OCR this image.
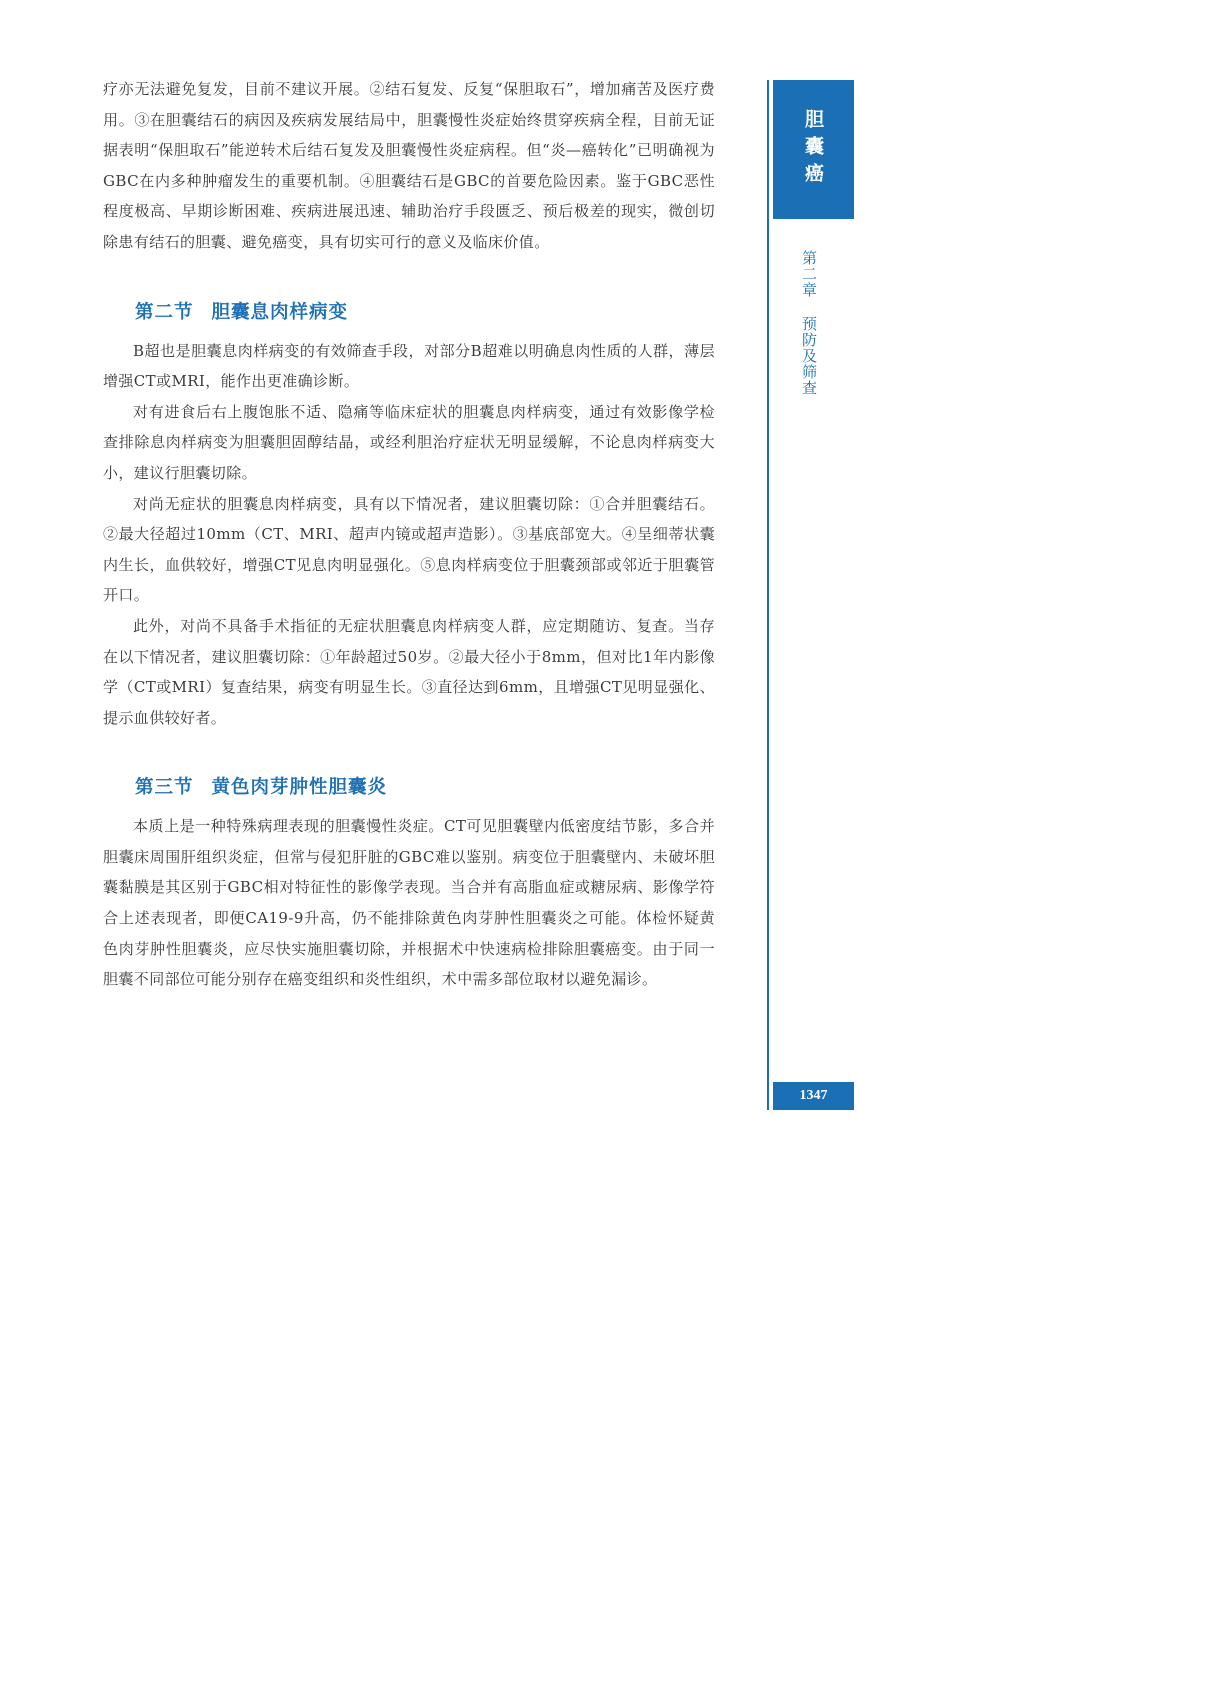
疗亦无法避免复发，目前不建议开展。②结石复发、反复“保胆取石”，增加痛苦及医疗费用。③在胆囊结石的病因及疾病发展结局中，胆囊慢性炎症始终贯穿疾病全程，目前无证据表明“保胆取石”能逆转术后结石复发及胆囊慢性炎症病程。但“炎—癌转化”已明确视为GBC在内多种肿瘤发生的重要机制。④胆囊结石是GBC的首要危险因素。鉴于GBC恶性程度极高、早期诊断困难、疾病进展迅速、辅助治疗手段匮乏、预后极差的现实，微创切除患有结石的胆囊、避免癌变，具有切实可行的意义及临床价值。

第二节 胆囊息肉样病变

B超也是胆囊息肉样病变的有效筛查手段，对部分B超难以明确息肉性质的人群，薄层增强CT或MRI，能作出更准确诊断。

对有进食后右上腹饱胀不适、隐痛等临床症状的胆囊息肉样病变，通过有效影像学检查排除息肉样病变为胆囊胆固醇结晶，或经利胆治疗症状无明显缓解，不论息肉样病变大小，建议行胆囊切除。

对尚无症状的胆囊息肉样病变，具有以下情况者，建议胆囊切除：①合并胆囊结石。②最大径超过10mm（CT、MRI、超声内镜或超声造影）。③基底部宽大。④呈细蒂状囊内生长，血供较好，增强CT见息肉明显强化。⑤息肉样病变位于胆囊颈部或邻近于胆囊管开口。

此外，对尚不具备手术指征的无症状胆囊息肉样病变人群，应定期随访、复查。当存在以下情况者，建议胆囊切除：①年龄超过50岁。②最大径小于8mm，但对比1年内影像学（CT或MRI）复查结果，病变有明显生长。③直径达到6mm，且增强CT见明显强化、提示血供较好者。

第三节 黄色肉芽肿性胆囊炎

本质上是一种特殊病理表现的胆囊慢性炎症。CT可见胆囊壁内低密度结节影，多合并胆囊床周围肝组织炎症，但常与侵犯肝脏的GBC难以鉴别。病变位于胆囊壁内、未破坏胆囊黏膜是其区别于GBC相对特征性的影像学表现。当合并有高脂血症或糖尿病、影像学符合上述表现者，即便CA19-9升高，仍不能排除黄色肉芽肿性胆囊炎之可能。体检怀疑黄色肉芽肿性胆囊炎，应尽快实施胆囊切除，并根据术中快速病检排除胆囊癌变。由于同一胆囊不同部位可能分别存在癌变组织和炎性组织，术中需多部位取材以避免漏诊。

胆囊癌
第二章预防及筛查
1347
